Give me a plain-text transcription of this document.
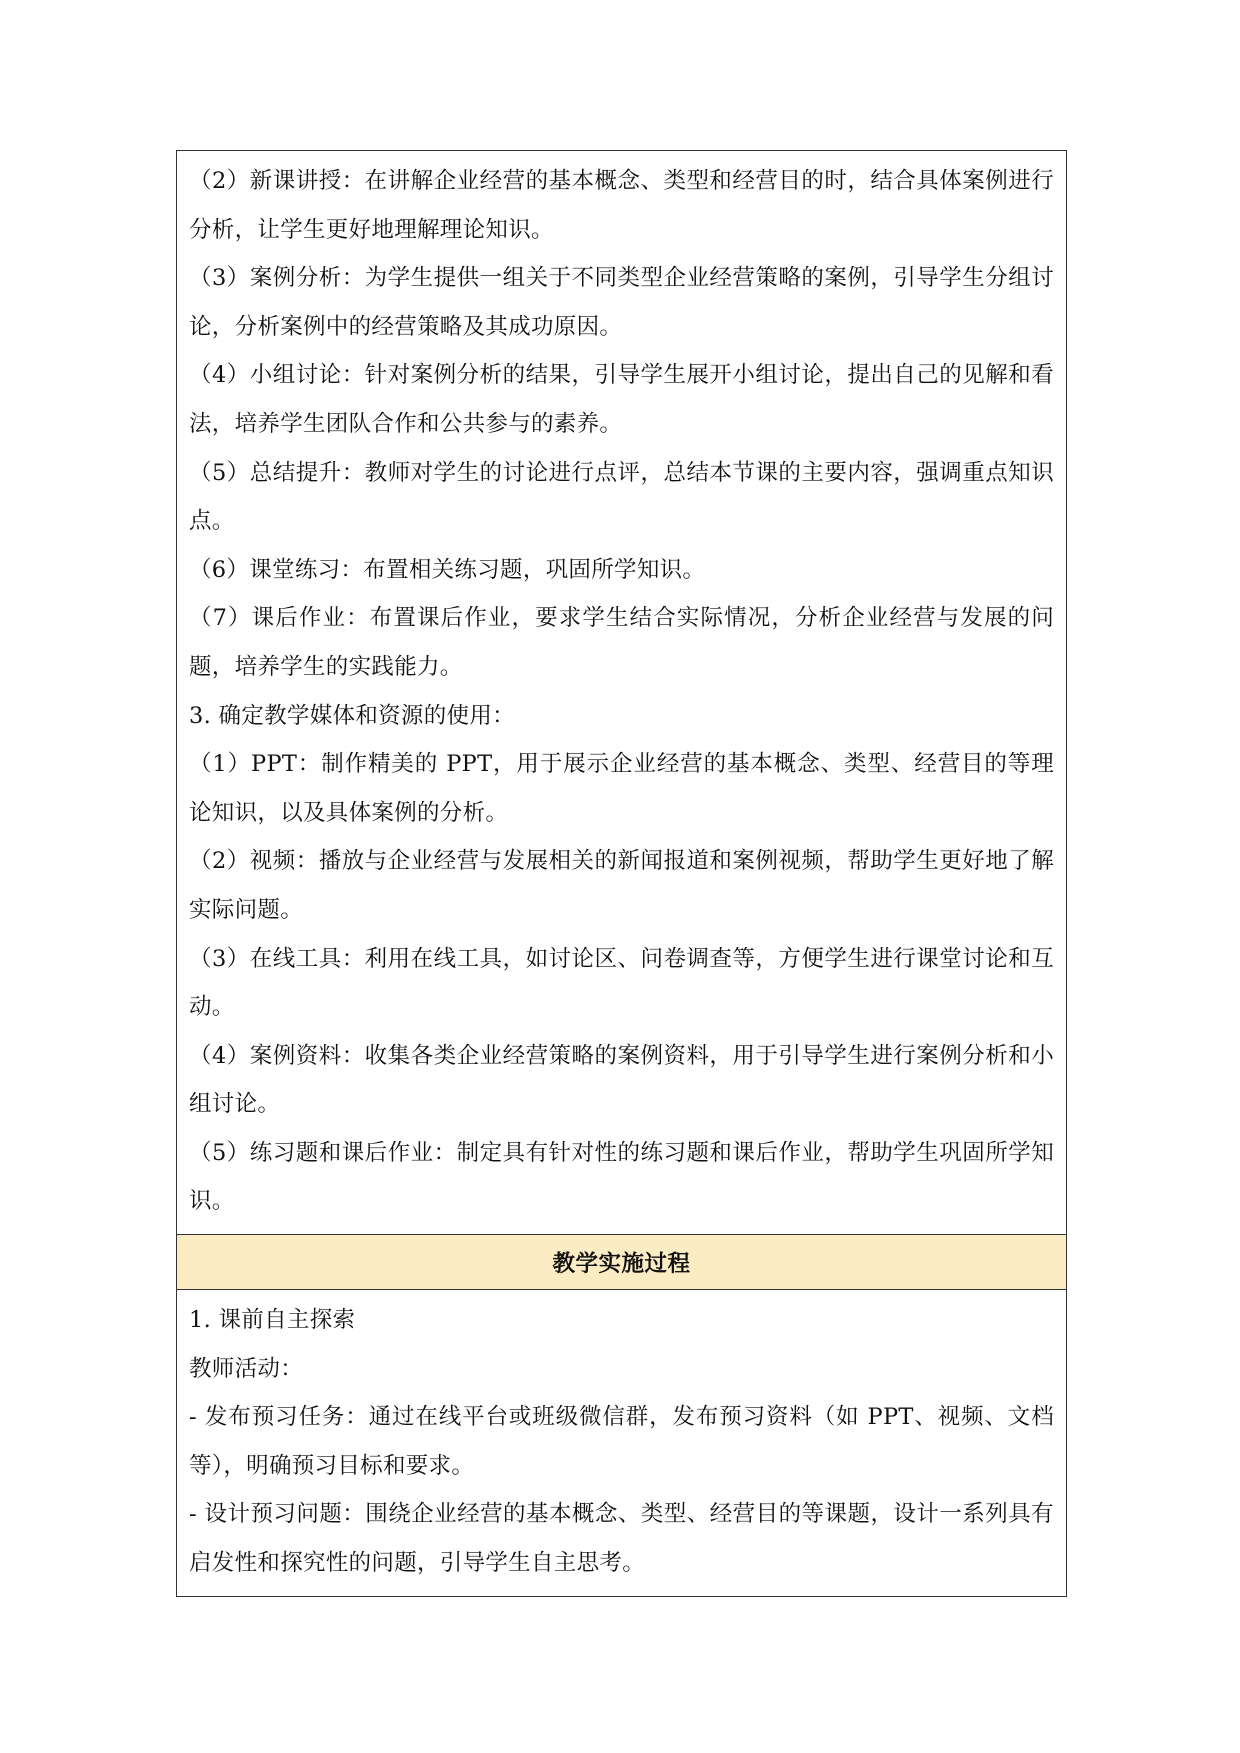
（2）新课讲授：在讲解企业经营的基本概念、类型和经营目的时，结合具体案例进行分析，让学生更好地理解理论知识。

（3）案例分析：为学生提供一组关于不同类型企业经营策略的案例，引导学生分组讨论，分析案例中的经营策略及其成功原因。

（4）小组讨论：针对案例分析的结果，引导学生展开小组讨论，提出自己的见解和看法，培养学生团队合作和公共参与的素养。

（5）总结提升：教师对学生的讨论进行点评，总结本节课的主要内容，强调重点知识点。

（6）课堂练习：布置相关练习题，巩固所学知识。

（7）课后作业：布置课后作业，要求学生结合实际情况，分析企业经营与发展的问题，培养学生的实践能力。

3. 确定教学媒体和资源的使用：

（1）PPT：制作精美的 PPT，用于展示企业经营的基本概念、类型、经营目的等理论知识，以及具体案例的分析。

（2）视频：播放与企业经营与发展相关的新闻报道和案例视频，帮助学生更好地了解实际问题。

（3）在线工具：利用在线工具，如讨论区、问卷调查等，方便学生进行课堂讨论和互动。

（4）案例资料：收集各类企业经营策略的案例资料，用于引导学生进行案例分析和小组讨论。

（5）练习题和课后作业：制定具有针对性的练习题和课后作业，帮助学生巩固所学知识。

教学实施过程

1. 课前自主探索

教师活动：

- 发布预习任务：通过在线平台或班级微信群，发布预习资料（如 PPT、视频、文档等），明确预习目标和要求。

- 设计预习问题：围绕企业经营的基本概念、类型、经营目的等课题，设计一系列具有启发性和探究性的问题，引导学生自主思考。
